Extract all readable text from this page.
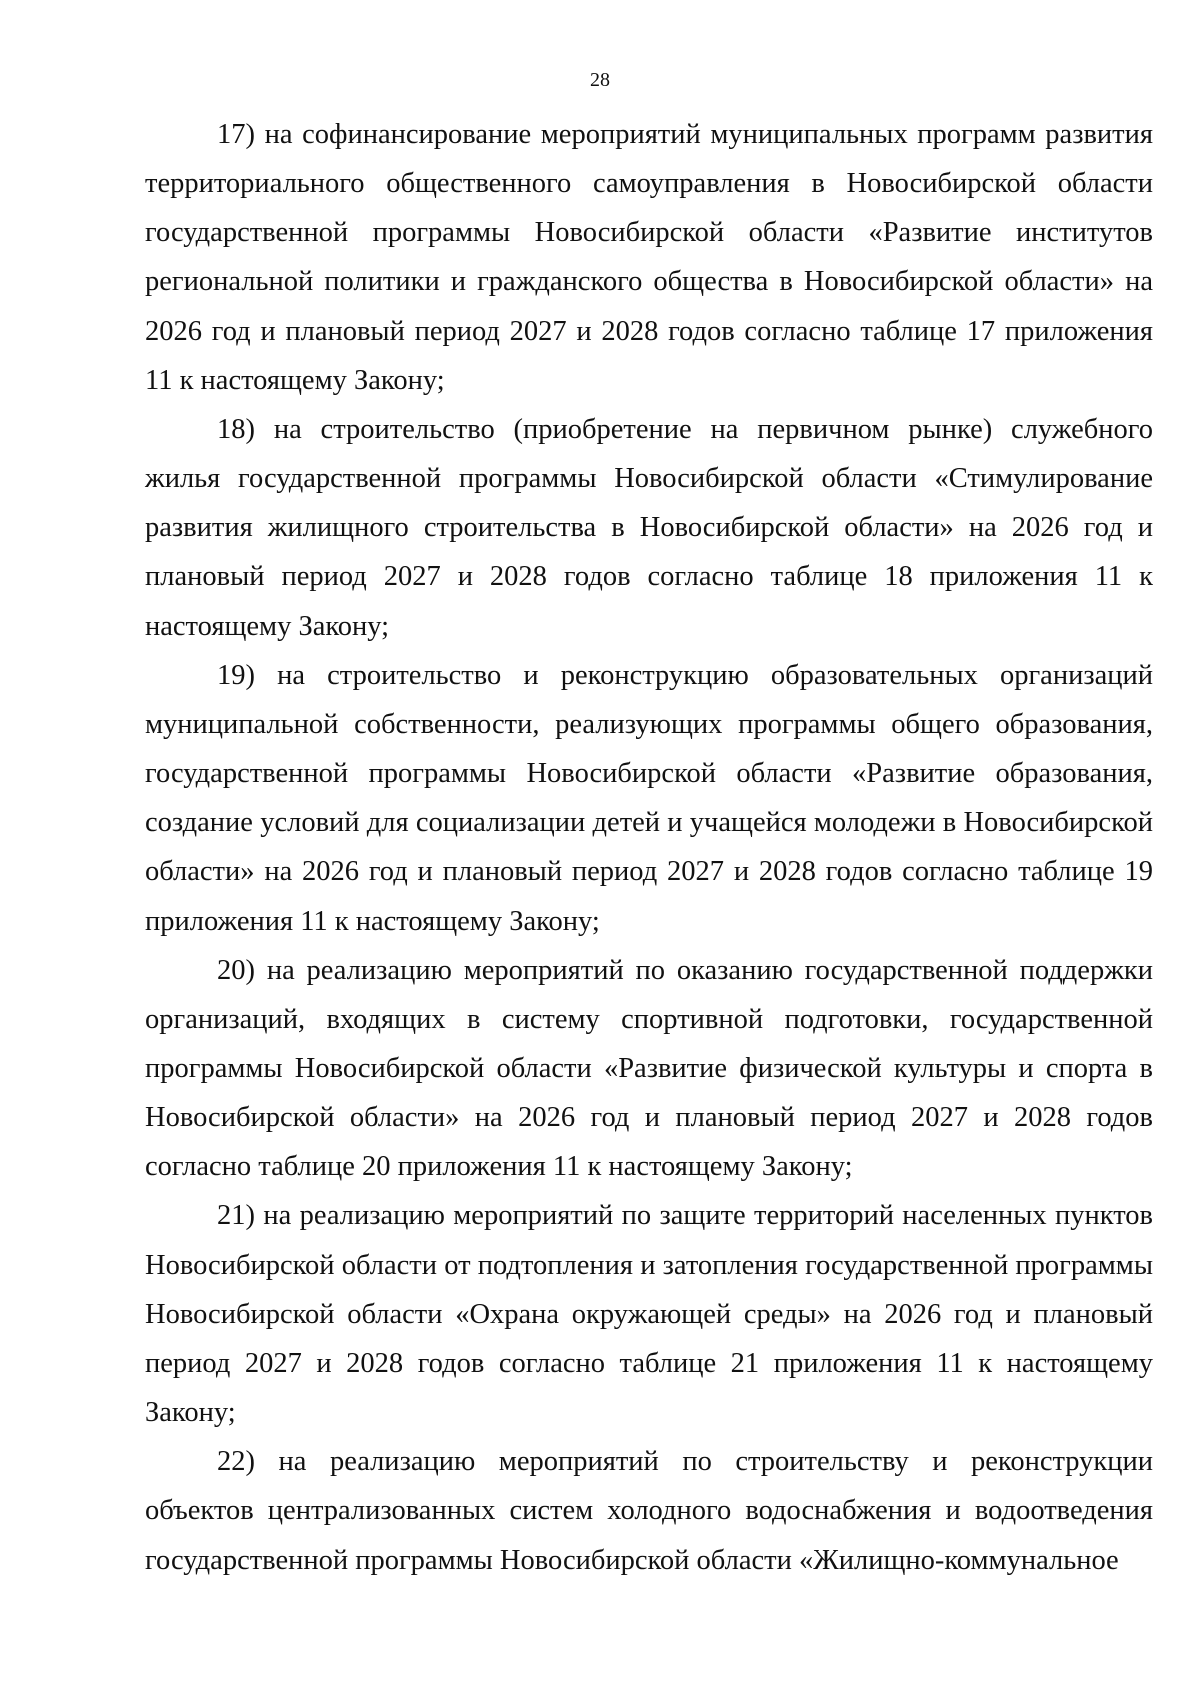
28

17) на софинансирование мероприятий муниципальных программ развития территориального общественного самоуправления в Новосибирской области государственной программы Новосибирской области «Развитие институтов региональной политики и гражданского общества в Новосибирской области» на 2026 год и плановый период 2027 и 2028 годов согласно таблице 17 приложения 11 к настоящему Закону;

18) на строительство (приобретение на первичном рынке) служебного жилья государственной программы Новосибирской области «Стимулирование развития жилищного строительства в Новосибирской области» на 2026 год и плановый период 2027 и 2028 годов согласно таблице 18 приложения 11 к настоящему Закону;

19) на строительство и реконструкцию образовательных организаций муниципальной собственности, реализующих программы общего образования, государственной программы Новосибирской области «Развитие образования, создание условий для социализации детей и учащейся молодежи в Новосибирской области» на 2026 год и плановый период 2027 и 2028 годов согласно таблице 19 приложения 11 к настоящему Закону;

20) на реализацию мероприятий по оказанию государственной поддержки организаций, входящих в систему спортивной подготовки, государственной программы Новосибирской области «Развитие физической культуры и спорта в Новосибирской области» на 2026 год и плановый период 2027 и 2028 годов согласно таблице 20 приложения 11 к настоящему Закону;

21) на реализацию мероприятий по защите территорий населенных пунктов Новосибирской области от подтопления и затопления государственной программы Новосибирской области «Охрана окружающей среды» на 2026 год и плановый период 2027 и 2028 годов согласно таблице 21 приложения 11 к настоящему Закону;

22) на реализацию мероприятий по строительству и реконструкции объектов централизованных систем холодного водоснабжения и водоотведения государственной программы Новосибирской области «Жилищно-коммунальное
